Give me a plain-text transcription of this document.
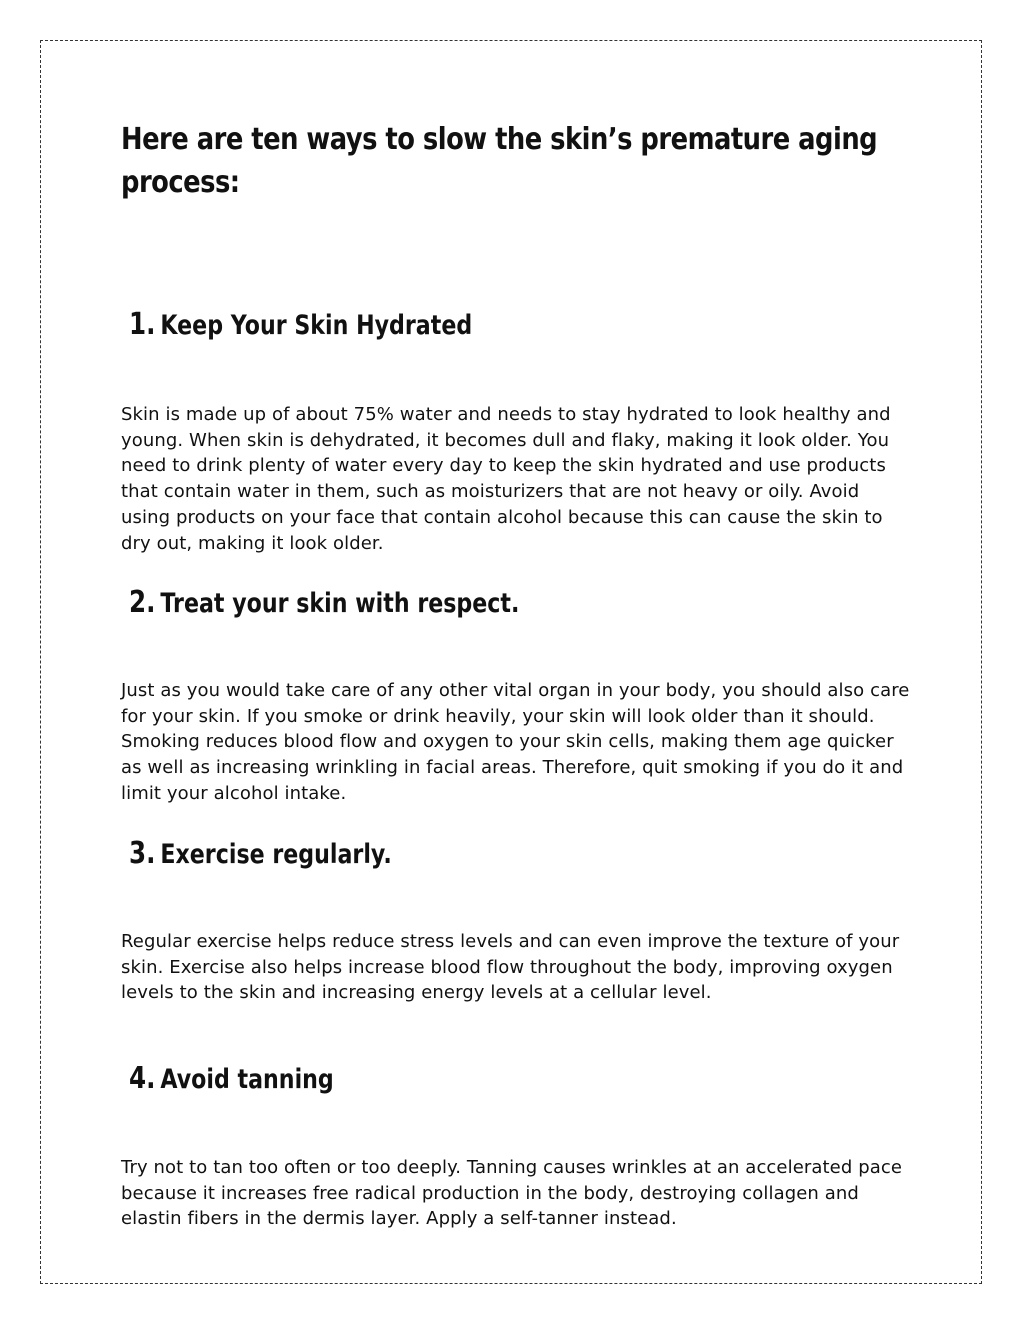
Here are ten ways to slow the skin’s premature aging process:
1. Keep Your Skin Hydrated

Skin is made up of about 75% water and needs to stay hydrated to look healthy and young. When skin is dehydrated, it becomes dull and flaky, making it look older. You need to drink plenty of water every day to keep the skin hydrated and use products that contain water in them, such as moisturizers that are not heavy or oily. Avoid using products on your face that contain alcohol because this can cause the skin to dry out, making it look older.

2. Treat your skin with respect.

Just as you would take care of any other vital organ in your body, you should also care for your skin. If you smoke or drink heavily, your skin will look older than it should. Smoking reduces blood flow and oxygen to your skin cells, making them age quicker as well as increasing wrinkling in facial areas. Therefore, quit smoking if you do it and limit your alcohol intake.

3. Exercise regularly.

Regular exercise helps reduce stress levels and can even improve the texture of your skin. Exercise also helps increase blood flow throughout the body, improving oxygen levels to the skin and increasing energy levels at a cellular level.

4. Avoid tanning

Try not to tan too often or too deeply. Tanning causes wrinkles at an accelerated pace because it increases free radical production in the body, destroying collagen and elastin fibers in the dermis layer. Apply a self-tanner instead.
